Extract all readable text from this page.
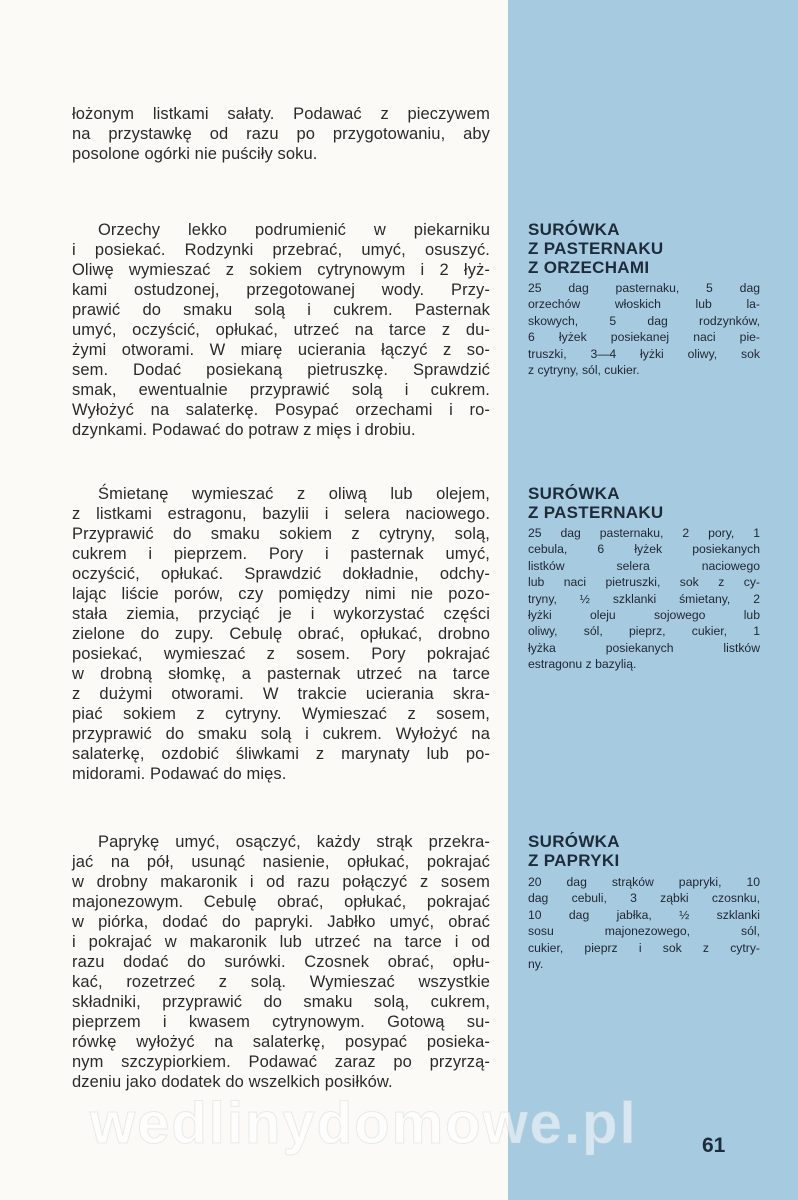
łożonym listkami sałaty. Podawać z pieczywem
na przystawkę od razu po przygotowaniu, aby
posolone ogórki nie puściły soku.
SURÓWKA
Z PASTERNAKU
Z ORZECHAMI
25 dag pasternaku, 5 dag
orzechów włoskich lub la-
skowych, 5 dag rodzynków,
6 łyżek posiekanej naci pie-
truszki, 3—4 łyżki oliwy, sok
z cytryny, sól, cukier.
Orzechy lekko podrumienić w piekarniku
i posiekać. Rodzynki przebrać, umyć, osuszyć.
Oliwę wymieszać z sokiem cytrynowym i 2 łyż-
kami ostudzonej, przegotowanej wody. Przy-
prawić do smaku solą i cukrem. Pasternak
umyć, oczyścić, opłukać, utrzeć na tarce z du-
żymi otworami. W miarę ucierania łączyć z so-
sem. Dodać posiekaną pietruszkę. Sprawdzić
smak, ewentualnie przyprawić solą i cukrem.
Wyłożyć na salaterkę. Posypać orzechami i ro-
dzynkami. Podawać do potraw z mięs i drobiu.
SURÓWKA
Z PASTERNAKU
25 dag pasternaku, 2 pory, 1
cebula, 6 łyżek posiekanych
listków selera naciowego
lub naci pietruszki, sok z cy-
tryny, ½ szklanki śmietany, 2
łyżki oleju sojowego lub
oliwy, sól, pieprz, cukier, 1
łyżka posiekanych listków
estragonu z bazylią.
Śmietanę wymieszać z oliwą lub olejem,
z listkami estragonu, bazylii i selera naciowego.
Przyprawić do smaku sokiem z cytryny, solą,
cukrem i pieprzem. Pory i pasternak umyć,
oczyścić, opłukać. Sprawdzić dokładnie, odchy-
lając liście porów, czy pomiędzy nimi nie pozo-
stała ziemia, przyciąć je i wykorzystać części
zielone do zupy. Cebulę obrać, opłukać, drobno
posiekać, wymieszać z sosem. Pory pokrajać
w drobną słomkę, a pasternak utrzeć na tarce
z dużymi otworami. W trakcie ucierania skra-
piać sokiem z cytryny. Wymieszać z sosem,
przyprawić do smaku solą i cukrem. Wyłożyć na
salaterkę, ozdobić śliwkami z marynaty lub po-
midorami. Podawać do mięs.
SURÓWKA
Z PAPRYKI
20 dag strąków papryki, 10
dag cebuli, 3 ząbki czosnku,
10 dag jabłka, ½ szklanki
sosu majonezowego, sól,
cukier, pieprz i sok z cytry-
ny.
Paprykę umyć, osączyć, każdy strąk przekra-
jać na pół, usunąć nasienie, opłukać, pokrajać
w drobny makaronik i od razu połączyć z sosem
majonezowym. Cebulę obrać, opłukać, pokrajać
w piórka, dodać do papryki. Jabłko umyć, obrać
i pokrajać w makaronik lub utrzeć na tarce i od
razu dodać do surówki. Czosnek obrać, opłu-
kać, rozetrzeć z solą. Wymieszać wszystkie
składniki, przyprawić do smaku solą, cukrem,
pieprzem i kwasem cytrynowym. Gotową su-
rówkę wyłożyć na salaterkę, posypać posieka-
nym szczypiorkiem. Podawać zaraz po przyrzą-
dzeniu jako dodatek do wszelkich posiłków.
wedlinydomowe.pl	61
